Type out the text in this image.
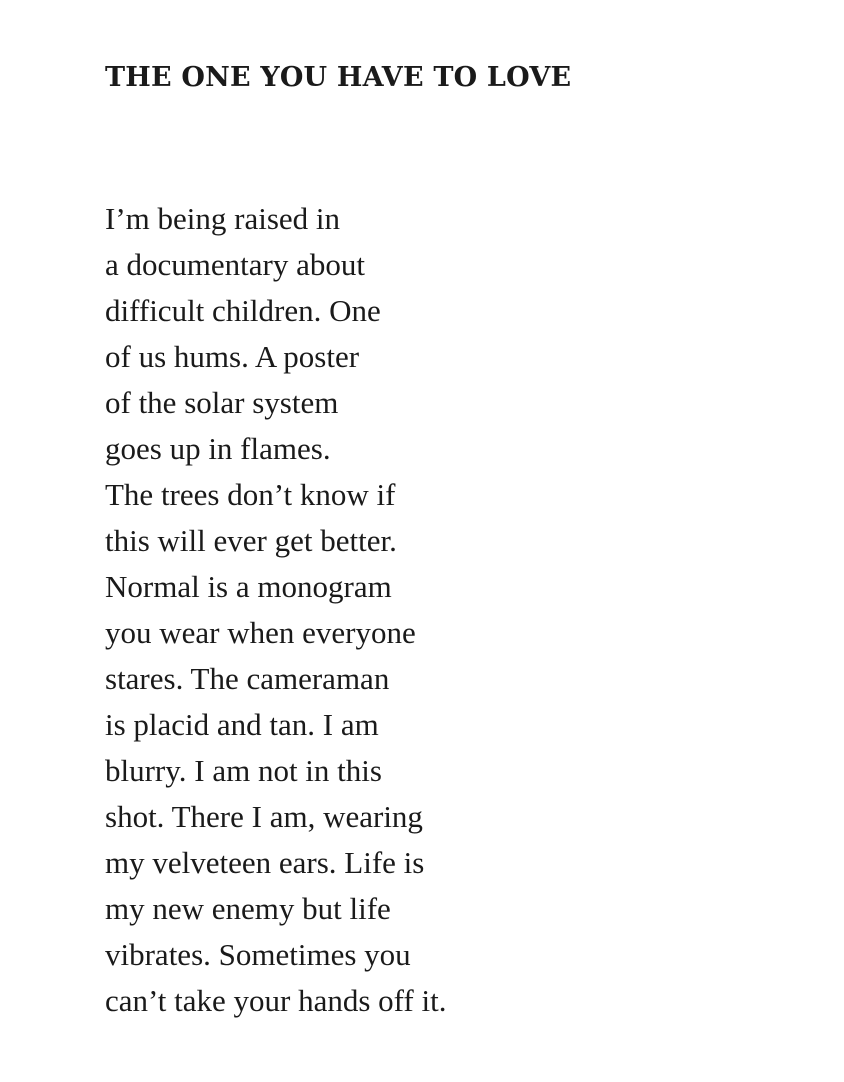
THE ONE YOU HAVE TO LOVE
I’m being raised in
a documentary about
difficult children. One
of us hums. A poster
of the solar system
goes up in flames.
The trees don’t know if
this will ever get better.
Normal is a monogram
you wear when everyone
stares. The cameraman
is placid and tan. I am
blurry. I am not in this
shot. There I am, wearing
my velveteen ears. Life is
my new enemy but life
vibrates. Sometimes you
can’t take your hands off it.
